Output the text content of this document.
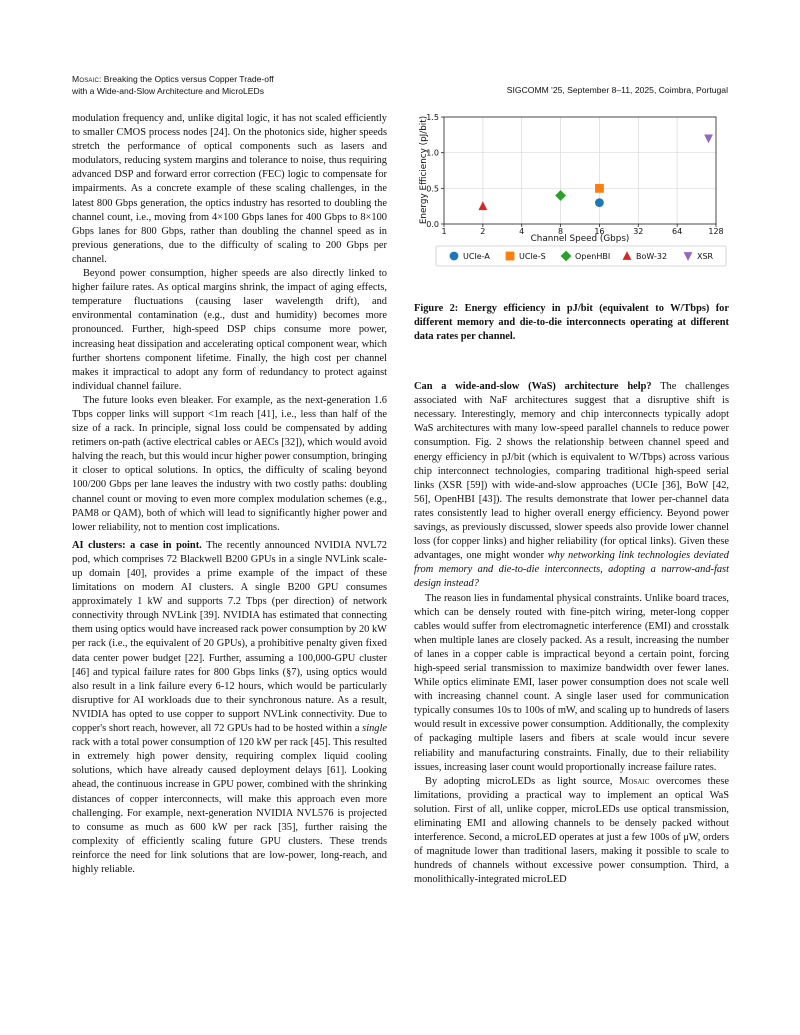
Mosaic: Breaking the Optics versus Copper Trade-off
with a Wide-and-Slow Architecture and MicroLEDs	SIGCOMM '25, September 8–11, 2025, Coimbra, Portugal

modulation frequency and, unlike digital logic, it has not scaled efficiently to smaller CMOS process nodes [24]. On the photonics side, higher speeds stretch the performance of optical components such as lasers and modulators, reducing system margins and tolerance to noise, thus requiring advanced DSP and forward error correction (FEC) logic to compensate for impairments. As a concrete example of these scaling challenges, in the latest 800 Gbps generation, the optics industry has resorted to doubling the channel count, i.e., moving from 4×100 Gbps lanes for 400 Gbps to 8×100 Gbps lanes for 800 Gbps, rather than doubling the channel speed as in previous generations, due to the difficulty of scaling to 200 Gbps per channel.

Beyond power consumption, higher speeds are also directly linked to higher failure rates. As optical margins shrink, the impact of aging effects, temperature fluctuations (causing laser wavelength drift), and environmental contamination (e.g., dust and humidity) becomes more pronounced. Further, high-speed DSP chips consume more power, increasing heat dissipation and accelerating optical component wear, which further shortens component lifetime. Finally, the high cost per channel makes it impractical to adopt any form of redundancy to protect against individual channel failure.

The future looks even bleaker. For example, as the next-generation 1.6 Tbps copper links will support <1m reach [41], i.e., less than half of the size of a rack. In principle, signal loss could be compensated by adding retimers on-path (active electrical cables or AECs [32]), which would avoid halving the reach, but this would incur higher power consumption, bringing it closer to optical solutions. In optics, the difficulty of scaling beyond 100/200 Gbps per lane leaves the industry with two costly paths: doubling channel count or moving to even more complex modulation schemes (e.g., PAM8 or QAM), both of which will lead to significantly higher power and lower reliability, not to mention cost implications.

AI clusters: a case in point. The recently announced NVIDIA NVL72 pod, which comprises 72 Blackwell B200 GPUs in a single NVLink scale-up domain [40], provides a prime example of the impact of these limitations on modern AI clusters. A single B200 GPU consumes approximately 1 kW and supports 7.2 Tbps (per direction) of network connectivity through NVLink [39]. NVIDIA has estimated that connecting them using optics would have increased rack power consumption by 20 kW per rack (i.e., the equivalent of 20 GPUs), a prohibitive penalty given fixed data center power budget [22]. Further, assuming a 100,000-GPU cluster [46] and typical failure rates for 800 Gbps links (§7), using optics would also result in a link failure every 6-12 hours, which would be particularly disruptive for AI workloads due to their synchronous nature. As a result, NVIDIA has opted to use copper to support NVLink connectivity. Due to copper's short reach, however, all 72 GPUs had to be hosted within a single rack with a total power consumption of 120 kW per rack [45]. This resulted in extremely high power density, requiring complex liquid cooling solutions, which have already caused deployment delays [61]. Looking ahead, the continuous increase in GPU power, combined with the shrinking distances of copper interconnects, will make this approach even more challenging. For example, next-generation NVIDIA NVL576 is projected to consume as much as 600 kW per rack [35], further raising the complexity of efficiently scaling future GPU clusters. These trends reinforce the need for link solutions that are low-power, long-reach, and highly reliable.

1	2	4	8	16	32	64	128
0.0
0.5
1.0
1.5
Energy Efficiency (pJ/bit)
Channel Speed (Gbps)
UCIe-A	UCIe-S	OpenHBI	BoW-32	XSR
Figure 2: Energy efficiency in pJ/bit (equivalent to W/Tbps) for different memory and die-to-die interconnects operating at different data rates per channel.

Can a wide-and-slow (WaS) architecture help? The challenges associated with NaF architectures suggest that a disruptive shift is necessary. Interestingly, memory and chip interconnects typically adopt WaS architectures with many low-speed parallel channels to reduce power consumption. Fig. 2 shows the relationship between channel speed and energy efficiency in pJ/bit (which is equivalent to W/Tbps) across various chip interconnect technologies, comparing traditional high-speed serial links (XSR [59]) with wide-and-slow approaches (UCIe [36], BoW [42, 56], OpenHBI [43]). The results demonstrate that lower per-channel data rates consistently lead to higher overall energy efficiency. Beyond power savings, as previously discussed, slower speeds also provide lower channel loss (for copper links) and higher reliability (for optical links). Given these advantages, one might wonder why networking link technologies deviated from memory and die-to-die interconnects, adopting a narrow-and-fast design instead?

The reason lies in fundamental physical constraints. Unlike board traces, which can be densely routed with fine-pitch wiring, meter-long copper cables would suffer from electromagnetic interference (EMI) and crosstalk when multiple lanes are closely packed. As a result, increasing the number of lanes in a copper cable is impractical beyond a certain point, forcing high-speed serial transmission to maximize bandwidth over fewer lanes. While optics eliminate EMI, laser power consumption does not scale well with increasing channel count. A single laser used for communication typically consumes 10s to 100s of mW, and scaling up to hundreds of lasers would result in excessive power consumption. Additionally, the complexity of packaging multiple lasers and fibers at scale would incur severe reliability and manufacturing constraints. Finally, due to their reliability issues, increasing laser count would proportionally increase failure rates.

By adopting microLEDs as light source, Mosaic overcomes these limitations, providing a practical way to implement an optical WaS solution. First of all, unlike copper, microLEDs use optical transmission, eliminating EMI and allowing channels to be densely packed without interference. Second, a microLED operates at just a few 100s of μW, orders of magnitude lower than traditional lasers, making it possible to scale to hundreds of channels without excessive power consumption. Third, a monolithically-integrated microLED
